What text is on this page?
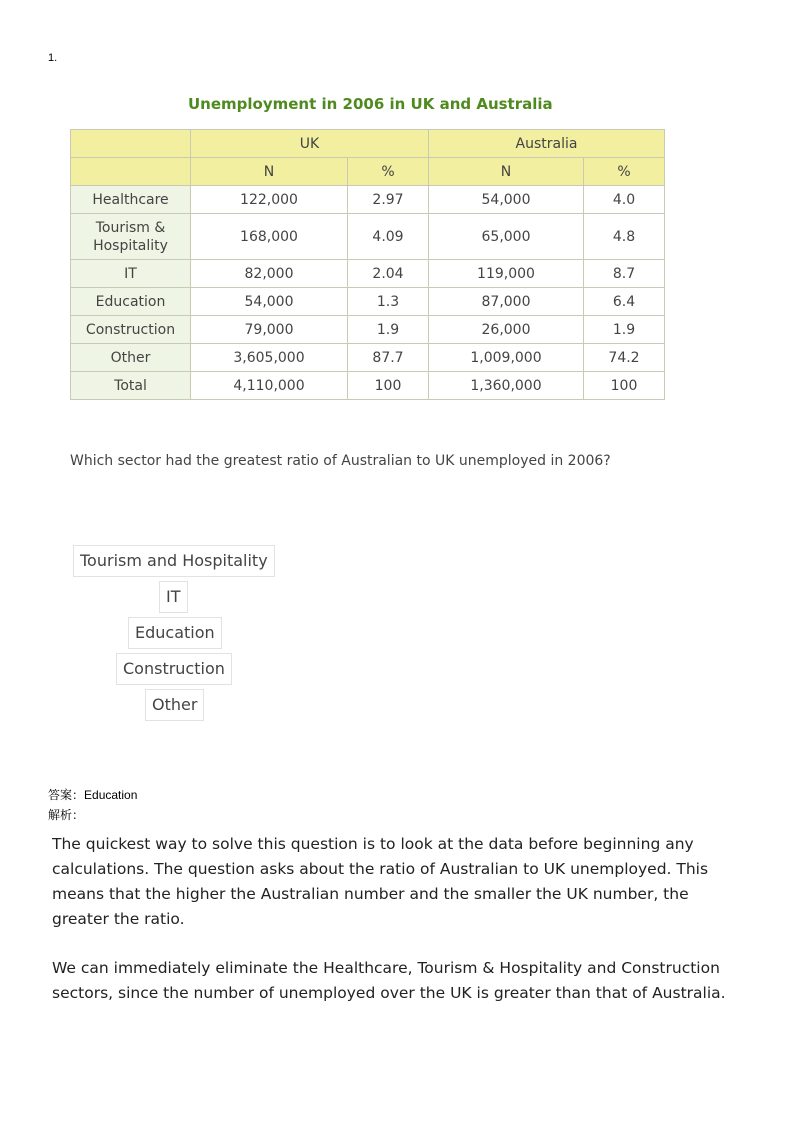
1.
Unemployment in 2006 in UK and Australia
	UK		Australia	
	N	%	N	%
Healthcare	122,000	2.97	54,000	4.0

Tourism &
Hospitality	168,000	4.09	65,000	4.8
IT	82,000	2.04	119,000	8.7
Education	54,000	1.3	87,000	6.4
Construction	79,000	1.9	26,000	1.9
Other	3,605,000	87.7	1,009,000	74.2
Total	4,110,000	100	1,360,000	100
Which sector had the greatest ratio of Australian to UK unemployed in 2006?
Tourism and Hospitality
IT
Education
Construction
Other
答案：Education
解析：
The quickest way to solve this question is to look at the data before beginning any
calculations. The question asks about the ratio of Australian to UK unemployed. This
means that the higher the Australian number and the smaller the UK number, the
greater the ratio.
We can immediately eliminate the Healthcare, Tourism & Hospitality and Construction
sectors, since the number of unemployed over the UK is greater than that of Australia.
